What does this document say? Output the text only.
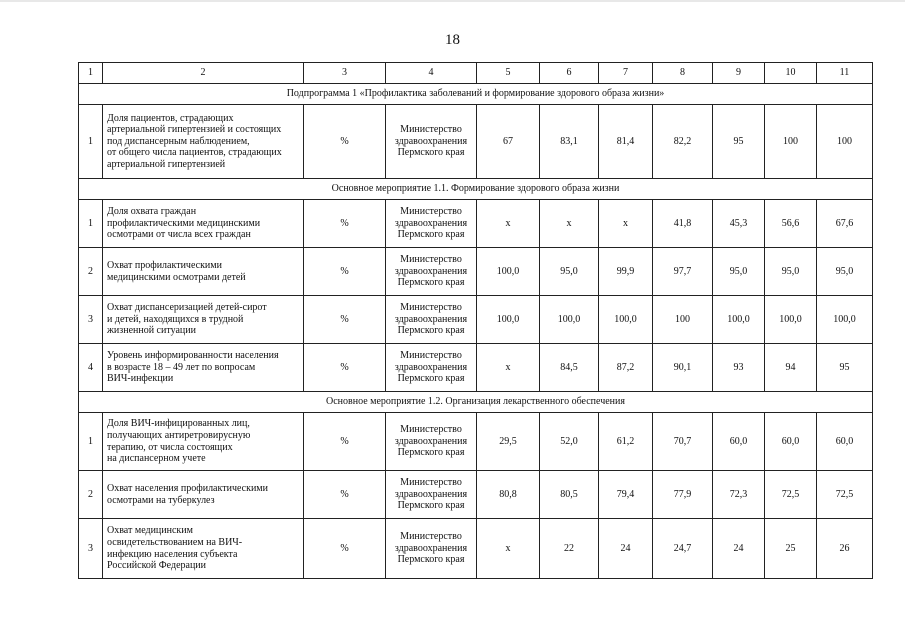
18
1	2	3	4	5	6	7	8	9	10	11
Подпрограмма 1 «Профилактика заболеваний и формирование здорового образа жизни»										
1	Доля пациентов, страдающих
артериальной гипертензией и состоящих
под диспансерным наблюдением,
от общего числа пациентов, страдающих
артериальной гипертензией	%	Министерство
здравоохранения
Пермского края	67	83,1	81,4	82,2	95	100	100
Основное мероприятие 1.1. Формирование здорового образа жизни										
1	Доля охвата граждан
профилактическими медицинскими
осмотрами от числа всех граждан	%	Министерство
здравоохранения
Пермского края	х	х	х	41,8	45,3	56,6	67,6
2	Охват профилактическими
медицинскими осмотрами детей	%	Министерство
здравоохранения
Пермского края	100,0	95,0	99,9	97,7	95,0	95,0	95,0
3	Охват диспансеризацией детей-сирот
и детей, находящихся в трудной
жизненной ситуации	%	Министерство
здравоохранения
Пермского края	100,0	100,0	100,0	100	100,0	100,0	100,0
4	Уровень информированности населения
в возрасте 18 – 49 лет по вопросам
ВИЧ-инфекции	%	Министерство
здравоохранения
Пермского края	х	84,5	87,2	90,1	93	94	95
Основное мероприятие 1.2. Организация лекарственного обеспечения										
1	Доля ВИЧ-инфицированных лиц,
получающих антиретровирусную
терапию, от числа состоящих
на диспансерном учете	%	Министерство
здравоохранения
Пермского края	29,5	52,0	61,2	70,7	60,0	60,0	60,0
2	Охват населения профилактическими
осмотрами на туберкулез	%	Министерство
здравоохранения
Пермского края	80,8	80,5	79,4	77,9	72,3	72,5	72,5
3	Охват медицинским
освидетельствованием на ВИЧ-
инфекцию населения субъекта
Российской Федерации	%	Министерство
здравоохранения
Пермского края	х	22	24	24,7	24	25	26
